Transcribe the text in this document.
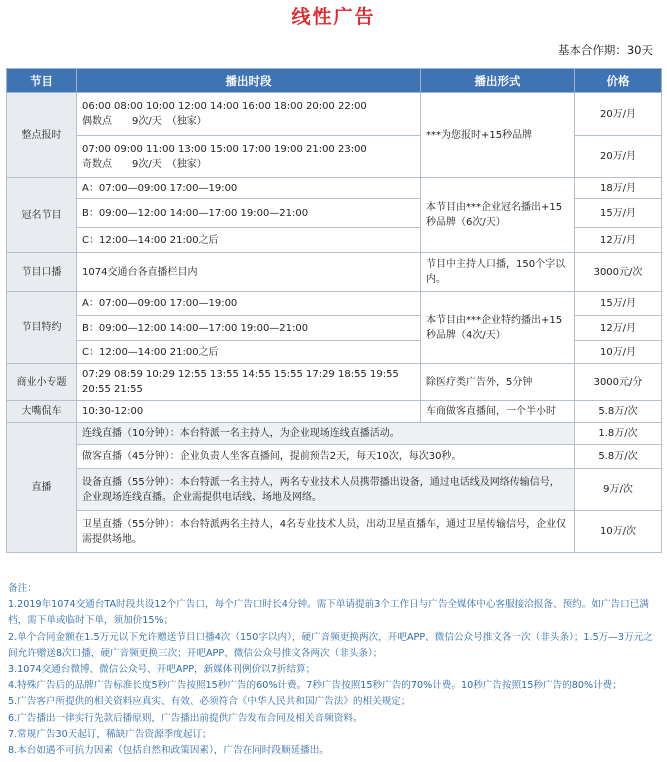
线性广告
基本合作期：30天
节目	播出时段	播出形式	价格
整点报时	06:00 08:00 10:00 12:00 14:00 16:00 18:00 20:00 22:00
偶数点　　9次/天　（独家）	***为您报时+15秒品牌	20万/月

	07:00 09:00 11:00 13:00 15:00 17:00 19:00 21:00 23:00
奇数点　　9次/天　（独家）		20万/月
冠名节目	A：07:00—09:00 17:00—19:00	本节目由***企业冠名播出+15秒品牌（6次/天）	18万/月
	B：09:00—12:00 14:00—17:00 19:00—21:00		15万/月
	C：12:00—14:00 21:00之后		12万/月
节目口播	1074交通台各直播栏目内	节目中主持人口播，150个字以内。	3000元/次
节目特约	A：07:00—09:00 17:00—19:00	本节目由***企业特约播出+15秒品牌（4次/天）	15万/月
	B：09:00—12:00 14:00—17:00 19:00—21:00		12万/月
	C：12:00—14:00 21:00之后		10万/月
商业小专题	07:29 08:59 10:29 12:55 13:55 14:55 15:55 17:29 18:55 19:55 20:55 21:55	除医疗类广告外，5分钟	3000元/分
大嘴侃车	10:30-12:00	车商做客直播间，一个半小时	5.8万/次
直播	连线直播（10分钟）：本台特派一名主持人，为企业现场连线直播活动。		1.8万/次
	做客直播（45分钟）：企业负责人坐客直播间，提前预告2天，每天10次，每次30秒。		5.8万/次
	设备直播（55分钟）：本台特派一名主持人，两名专业技术人员携带播出设备，通过电话线及网络传输信号，企业现场连线直播。企业需提供电话线、场地及网络。		9万/次
	卫星直播（55分钟）：本台特派两名主持人，4名专业技术人员，出动卫星直播车，通过卫星传输信号，企业仅需提供场地。		10万/次
备注：
1.2019年1074交通台TA时段共设12个广告口，每个广告口时长4分钟。需下单请提前3个工作日与广告全媒体中心客服接洽报备、预约。如广告口已满档，需下单或临时下单，须加价15%；
2.单个合同金额在1.5万元以下允许赠送节目口播4次（150字以内），硬广音频更换两次，开吧APP、微信公众号推文各一次（非头条）；1.5万—3万元之间允许赠送8次口播，硬广音频更换三次；开吧APP、微信公众号推文各两次（非头条）；
3.1074交通台微博、微信公众号、开吧APP，新媒体刊例价以7折结算；
4.特殊广告后的品牌广告标准长度5秒广告按照15秒广告的60%计费。7秒广告按照15秒广告的70%计费。10秒广告按照15秒广告的80%计费；
5.广告客户所提供的相关资料应真实、有效、必须符合《中华人民共和国广告法》的相关规定；
6.广告播出一律实行先款后播原则，广告播出前提供广告发布合同及相关音频资料。
7.常规广告30天起订，稀缺广告资源季度起订；
8.本台如遇不可抗力因素（包括自然和政策因素），广告在同时段顺延播出。
